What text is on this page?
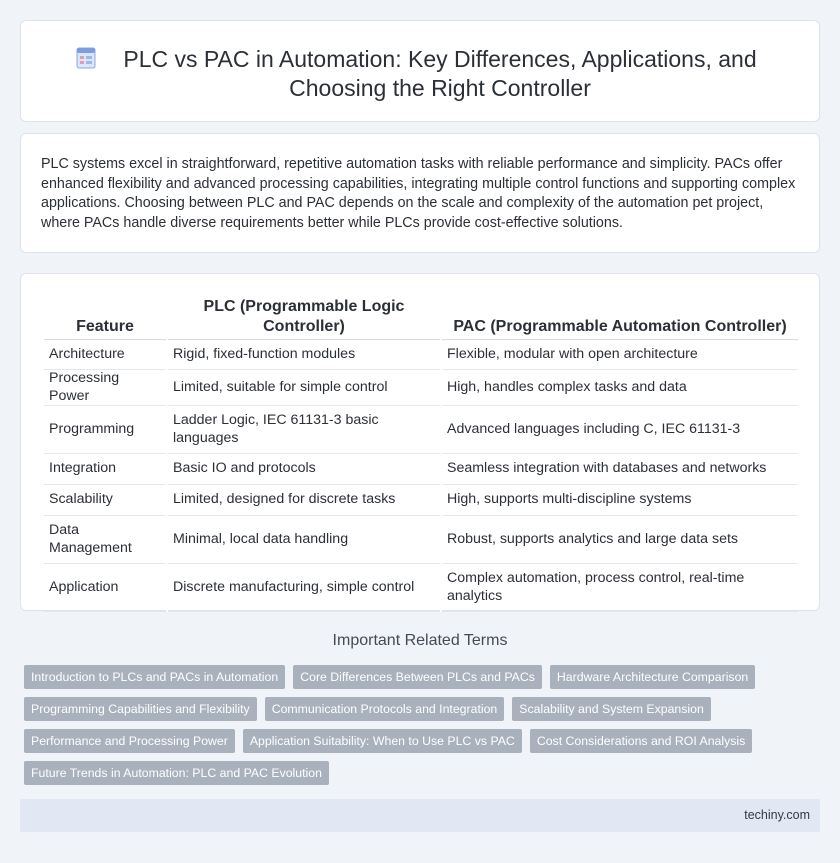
PLC vs PAC in Automation: Key Differences, Applications, and Choosing the Right Controller

PLC systems excel in straightforward, repetitive automation tasks with reliable performance and simplicity. PACs offer enhanced flexibility and advanced processing capabilities, integrating multiple control functions and supporting complex applications. Choosing between PLC and PAC depends on the scale and complexity of the automation pet project, where PACs handle diverse requirements better while PLCs provide cost-effective solutions.

Feature	PLC (Programmable Logic Controller)	PAC (Programmable Automation Controller)
Architecture	Rigid, fixed-function modules	Flexible, modular with open architecture
Processing Power	Limited, suitable for simple control	High, handles complex tasks and data
Programming	Ladder Logic, IEC 61131-3 basic languages	Advanced languages including C, IEC 61131-3
Integration	Basic IO and protocols	Seamless integration with databases and networks
Scalability	Limited, designed for discrete tasks	High, supports multi-discipline systems
Data Management	Minimal, local data handling	Robust, supports analytics and large data sets
Application	Discrete manufacturing, simple control	Complex automation, process control, real-time analytics
Important Related Terms
Introduction to PLCs and PACs in Automation	Core Differences Between PLCs and PACs	Hardware Architecture Comparison
Programming Capabilities and Flexibility	Communication Protocols and Integration	Scalability and System Expansion
Performance and Processing Power	Application Suitability: When to Use PLC vs PAC	Cost Considerations and ROI Analysis
Future Trends in Automation: PLC and PAC Evolution
techiny.com
